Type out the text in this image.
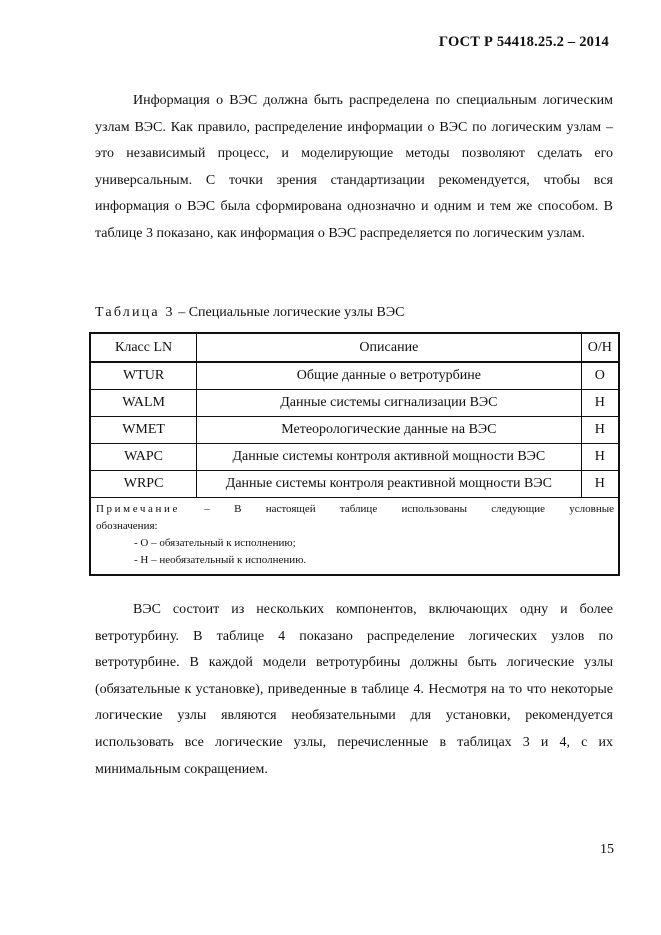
ГОСТ Р 54418.25.2 – 2014

Информация о ВЭС должна быть распределена по специальным логическим узлам ВЭС. Как правило, распределение информации о ВЭС по логическим узлам – это независимый процесс, и моделирующие методы позволяют сделать его универсальным. С точки зрения стандартизации рекомендуется, чтобы вся информация о ВЭС была сформирована однозначно и одним и тем же способом. В таблице 3 показано, как информация о ВЭС распределяется по логическим узлам.

Таблица 3 – Специальные логические узлы ВЭС

Класс LN	Описание	О/Н
WTUR	Общие данные о ветротурбине	О
WALM	Данные системы сигнализации ВЭС	Н
WMET	Метеорологические данные на ВЭС	Н
WAPC	Данные системы контроля активной мощности ВЭС	Н
WRPC	Данные системы контроля реактивной мощности ВЭС	Н

Примечание – В настоящей таблице использованы следующие условные
обозначения:
- О – обязательный к исполнению;
- Н – необязательный к исполнению.		

ВЭС состоит из нескольких компонентов, включающих одну и более ветротурбину. В таблице 4 показано распределение логических узлов по ветротурбине. В каждой модели ветротурбины должны быть логические узлы (обязательные к установке), приведенные в таблице 4. Несмотря на то что некоторые логические узлы являются необязательными для установки, рекомендуется использовать все логические узлы, перечисленные в таблицах 3 и 4, с их минимальным сокращением.

15
